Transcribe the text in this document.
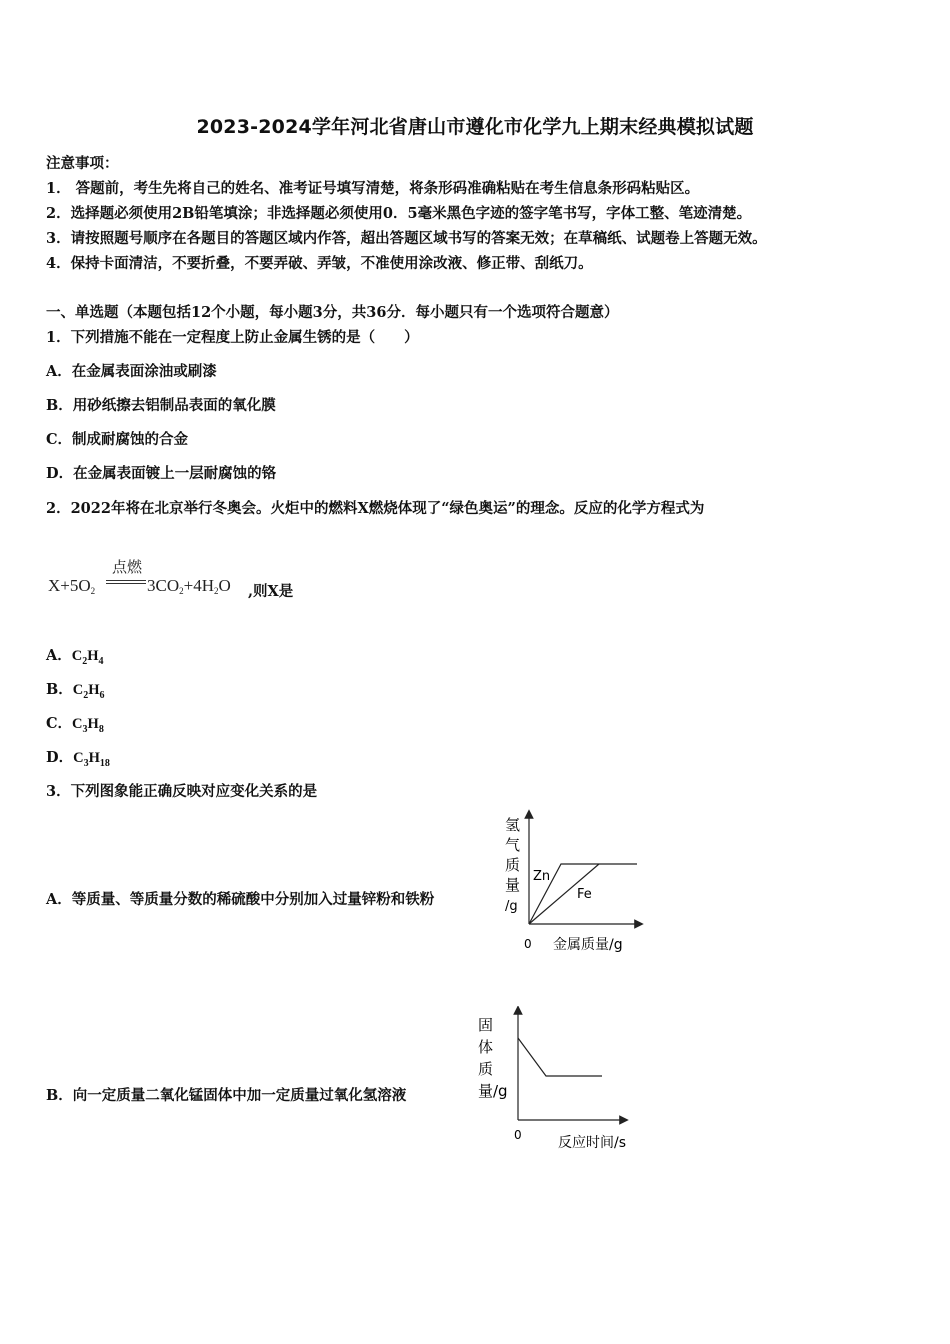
2023-2024学年河北省唐山市遵化市化学九上期末经典模拟试题
注意事项：
1． 答题前，考生先将自己的姓名、准考证号填写清楚，将条形码准确粘贴在考生信息条形码粘贴区。
2．选择题必须使用2B铅笔填涂；非选择题必须使用0．5毫米黑色字迹的签字笔书写，字体工整、笔迹清楚。
3．请按照题号顺序在各题目的答题区域内作答，超出答题区域书写的答案无效；在草稿纸、试题卷上答题无效。
4．保持卡面清洁，不要折叠，不要弄破、弄皱，不准使用涂改液、修正带、刮纸刀。
一、单选题（本题包括12个小题，每小题3分，共36分．每小题只有一个选项符合题意）
1．下列措施不能在一定程度上防止金属生锈的是（　　）
A．在金属表面涂油或刷漆
B．用砂纸擦去铝制品表面的氧化膜
C．制成耐腐蚀的合金
D．在金属表面镀上一层耐腐蚀的铬
2．2022年将在北京举行冬奥会。火炬中的燃料X燃烧体现了“绿色奥运”的理念。反应的化学方程式为
$X+5O_2$
点燃
$3CO_2+4H_2O$ ,则X是
A．$C_2H_4$
B．$C_2H_6$
C．$C_3H_8$
D．$C_3H_{18}$
3．下列图象能正确反映对应变化关系的是
A．等质量、等质量分数的稀硫酸中分别加入过量锌粉和铁粉
氢
气
质
量
/g
Zn
Fe
0 金属质量/g
B．向一定质量二氧化锰固体中加一定质量过氧化氢溶液
固
体
质
量/g
0	反应时间/s
